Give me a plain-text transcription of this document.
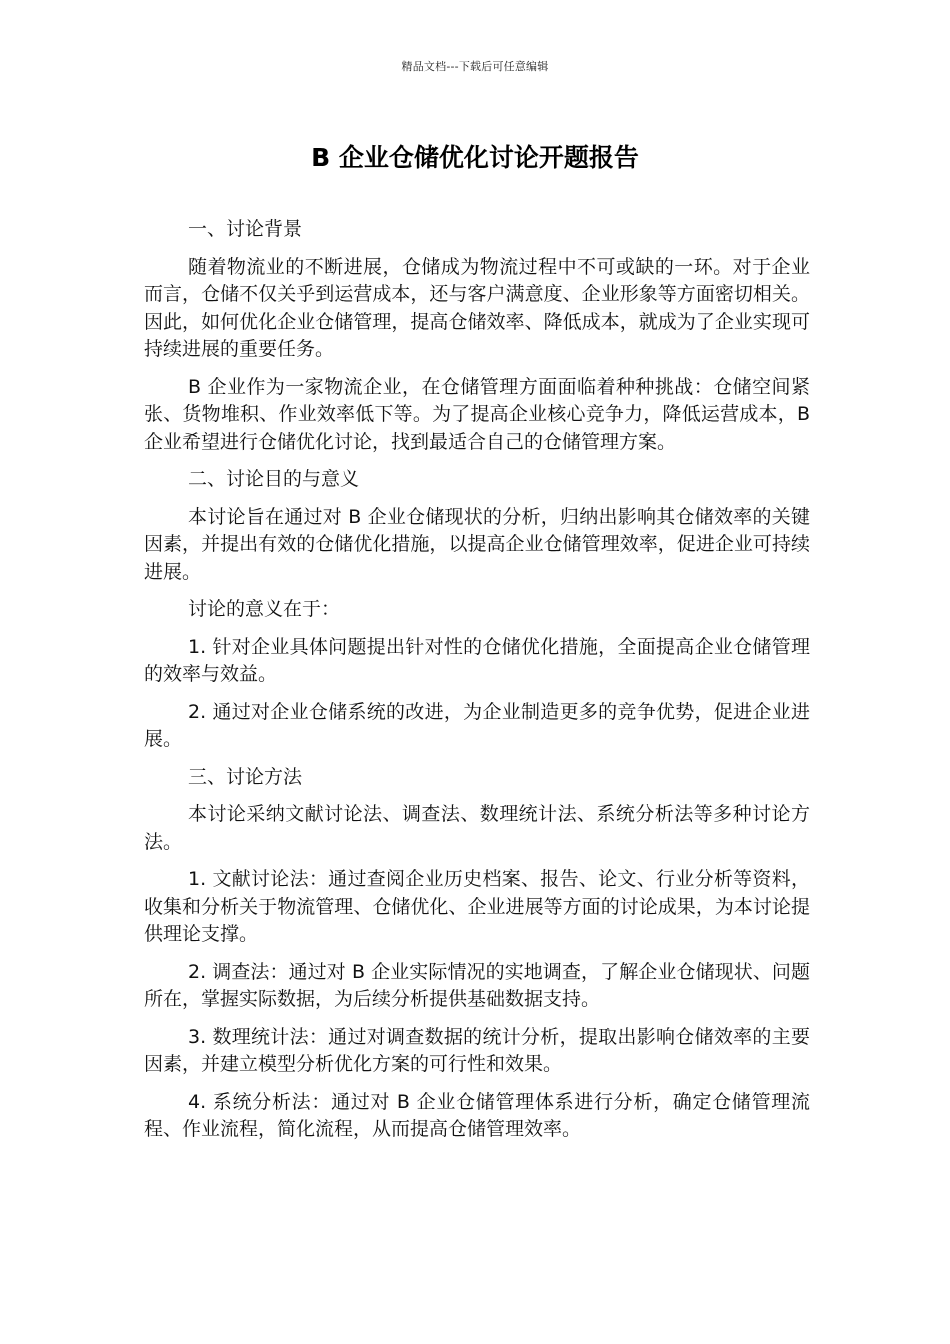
精品文档---下载后可任意编辑
B 企业仓储优化讨论开题报告

一、讨论背景

随着物流业的不断进展，仓储成为物流过程中不可或缺的一环。对于企业而言，仓储不仅关乎到运营成本，还与客户满意度、企业形象等方面密切相关。因此，如何优化企业仓储管理，提高仓储效率、降低成本，就成为了企业实现可持续进展的重要任务。

B 企业作为一家物流企业，在仓储管理方面面临着种种挑战：仓储空间紧张、货物堆积、作业效率低下等。为了提高企业核心竞争力，降低运营成本，B 企业希望进行仓储优化讨论，找到最适合自己的仓储管理方案。

二、讨论目的与意义

本讨论旨在通过对 B 企业仓储现状的分析，归纳出影响其仓储效率的关键因素，并提出有效的仓储优化措施，以提高企业仓储管理效率，促进企业可持续进展。

讨论的意义在于：

1. 针对企业具体问题提出针对性的仓储优化措施，全面提高企业仓储管理的效率与效益。

2. 通过对企业仓储系统的改进，为企业制造更多的竞争优势，促进企业进展。

三、讨论方法

本讨论采纳文献讨论法、调查法、数理统计法、系统分析法等多种讨论方法。

1. 文献讨论法：通过查阅企业历史档案、报告、论文、行业分析等资料，收集和分析关于物流管理、仓储优化、企业进展等方面的讨论成果，为本讨论提供理论支撑。

2. 调查法：通过对 B 企业实际情况的实地调查，了解企业仓储现状、问题所在，掌握实际数据，为后续分析提供基础数据支持。

3. 数理统计法：通过对调查数据的统计分析，提取出影响仓储效率的主要因素，并建立模型分析优化方案的可行性和效果。

4. 系统分析法：通过对 B 企业仓储管理体系进行分析，确定仓储管理流程、作业流程，简化流程，从而提高仓储管理效率。
